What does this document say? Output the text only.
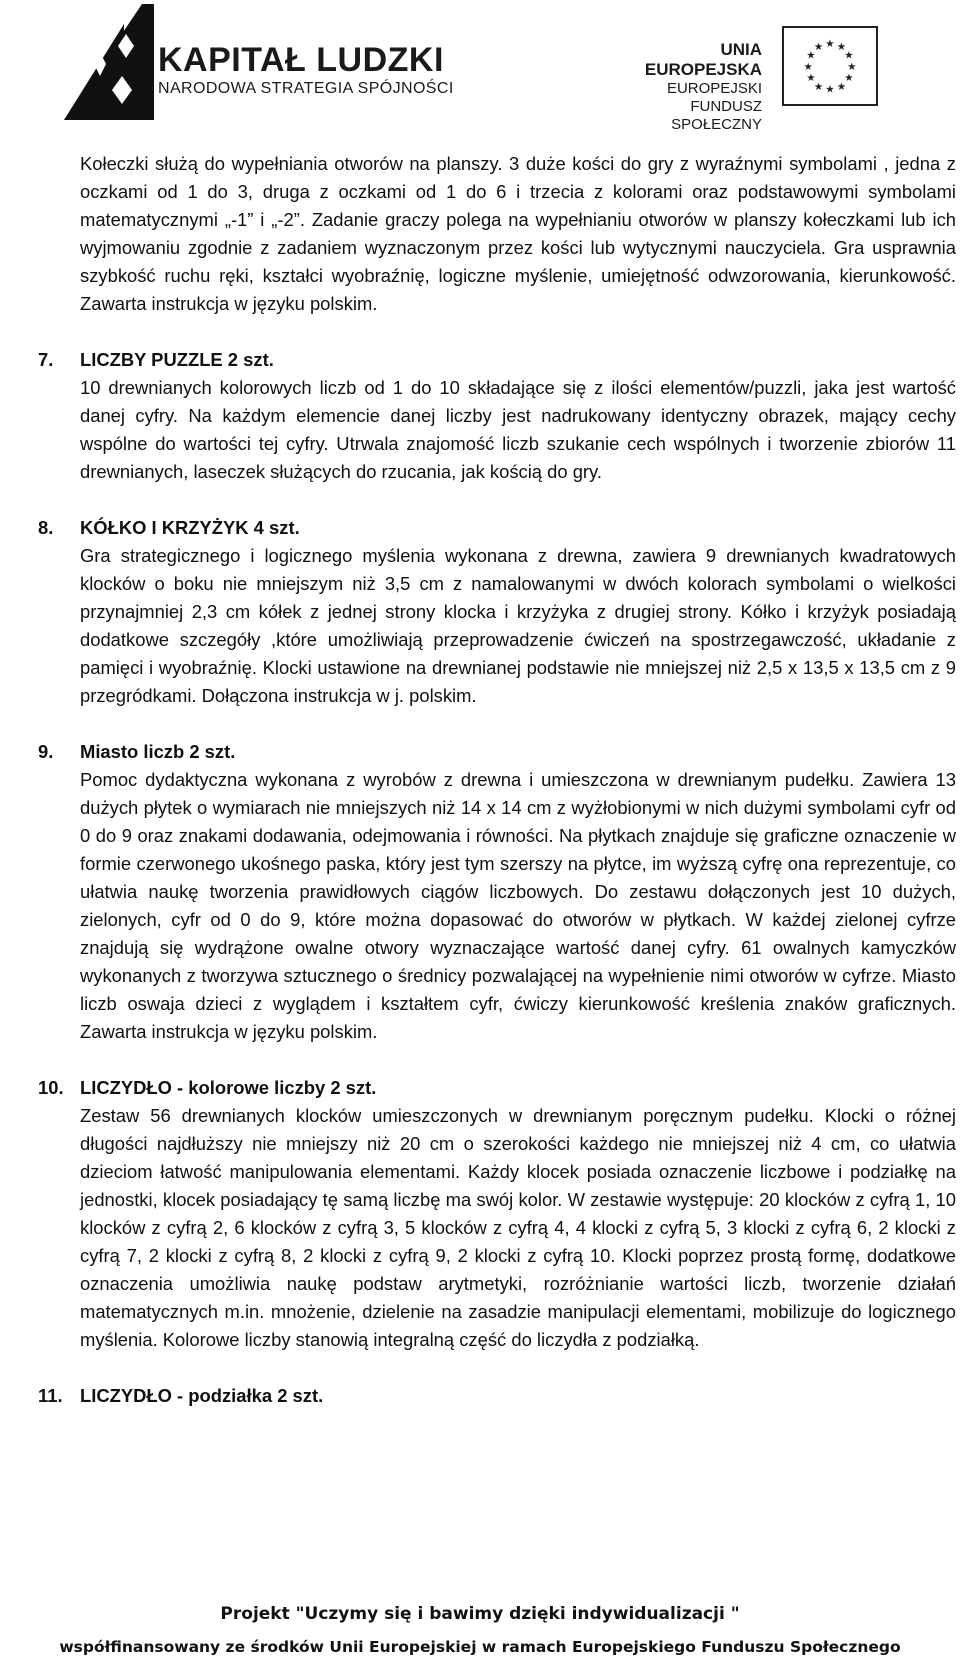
KAPITAŁ LUDZKI
NARODOWA STRATEGIA SPÓJNOŚCI
UNIA EUROPEJSKA
EUROPEJSKI
FUNDUSZ SPOŁECZNY
★ ★
★
★
★
★
★
★
★
★
★
★

Kołeczki służą do wypełniania otworów na planszy. 3 duże kości do gry z wyraźnymi symbolami , jedna z oczkami od 1 do 3, druga z oczkami od 1 do 6 i trzecia z kolorami oraz podstawowymi symbolami matematycznymi „-1” i „-2”. Zadanie graczy polega na wypełnianiu otworów w planszy kołeczkami lub ich wyjmowaniu zgodnie z zadaniem wyznaczonym przez kości lub wytycznymi nauczyciela. Gra usprawnia szybkość ruchu ręki, kształci wyobraźnię, logiczne myślenie, umiejętność odwzorowania, kierunkowość. Zawarta instrukcja w języku polskim.

7. LICZBY PUZZLE 2 szt.

10 drewnianych kolorowych liczb od 1 do 10 składające się z ilości elementów/puzzli, jaka jest wartość danej cyfry. Na każdym elemencie danej liczby jest nadrukowany identyczny obrazek, mający cechy wspólne do wartości tej cyfry. Utrwala znajomość liczb szukanie cech wspólnych i tworzenie zbiorów 11 drewnianych, laseczek służących do rzucania, jak kością do gry.

8. KÓŁKO I KRZYŻYK 4 szt.

Gra strategicznego i logicznego myślenia wykonana z drewna, zawiera 9 drewnianych kwadratowych klocków o boku nie mniejszym niż 3,5 cm z namalowanymi w dwóch kolorach symbolami o wielkości przynajmniej 2,3 cm kółek z jednej strony klocka i krzyżyka z drugiej strony. Kółko i krzyżyk posiadają dodatkowe szczegóły ,które umożliwiają przeprowadzenie ćwiczeń na spostrzegawczość, układanie z pamięci i wyobraźnię. Klocki ustawione na drewnianej podstawie nie mniejszej niż 2,5 x 13,5 x 13,5 cm z 9 przegródkami. Dołączona instrukcja w j. polskim.

9. Miasto liczb 2 szt.

Pomoc dydaktyczna wykonana z wyrobów z drewna i umieszczona w drewnianym pudełku. Zawiera 13 dużych płytek o wymiarach nie mniejszych niż 14 x 14 cm z wyżłobionymi w nich dużymi symbolami cyfr od 0 do 9 oraz znakami dodawania, odejmowania i równości. Na płytkach znajduje się graficzne oznaczenie w formie czerwonego ukośnego paska, który jest tym szerszy na płytce, im wyższą cyfrę ona reprezentuje, co ułatwia naukę tworzenia prawidłowych ciągów liczbowych. Do zestawu dołączonych jest 10 dużych, zielonych, cyfr od 0 do 9, które można dopasować do otworów w płytkach. W każdej zielonej cyfrze znajdują się wydrążone owalne otwory wyznaczające wartość danej cyfry. 61 owalnych kamyczków wykonanych z tworzywa sztucznego o średnicy pozwalającej na wypełnienie nimi otworów w cyfrze. Miasto liczb oswaja dzieci z wyglądem i kształtem cyfr, ćwiczy kierunkowość kreślenia znaków graficznych. Zawarta instrukcja w języku polskim.

10. LICZYDŁO - kolorowe liczby 2 szt.

Zestaw 56 drewnianych klocków umieszczonych w drewnianym poręcznym pudełku. Klocki o różnej długości najdłuższy nie mniejszy niż 20 cm o szerokości każdego nie mniejszej niż 4 cm, co ułatwia dzieciom łatwość manipulowania elementami. Każdy klocek posiada oznaczenie liczbowe i podziałkę na jednostki, klocek posiadający tę samą liczbę ma swój kolor. W zestawie występuje: 20 klocków z cyfrą 1, 10 klocków z cyfrą 2, 6 klocków z cyfrą 3, 5 klocków z cyfrą 4, 4 klocki z cyfrą 5, 3 klocki z cyfrą 6, 2 klocki z cyfrą 7, 2 klocki z cyfrą 8, 2 klocki z cyfrą 9, 2 klocki z cyfrą 10. Klocki poprzez prostą formę, dodatkowe oznaczenia umożliwia naukę podstaw arytmetyki, rozróżnianie wartości liczb, tworzenie działań matematycznych m.in. mnożenie, dzielenie na zasadzie manipulacji elementami, mobilizuje do logicznego myślenia. Kolorowe liczby stanowią integralną część do liczydła z podziałką.

11. LICZYDŁO - podziałka 2 szt.
Projekt "Uczymy się i bawimy dzięki indywidualizacji "
współfinansowany ze środków Unii Europejskiej w ramach Europejskiego Funduszu Społecznego
